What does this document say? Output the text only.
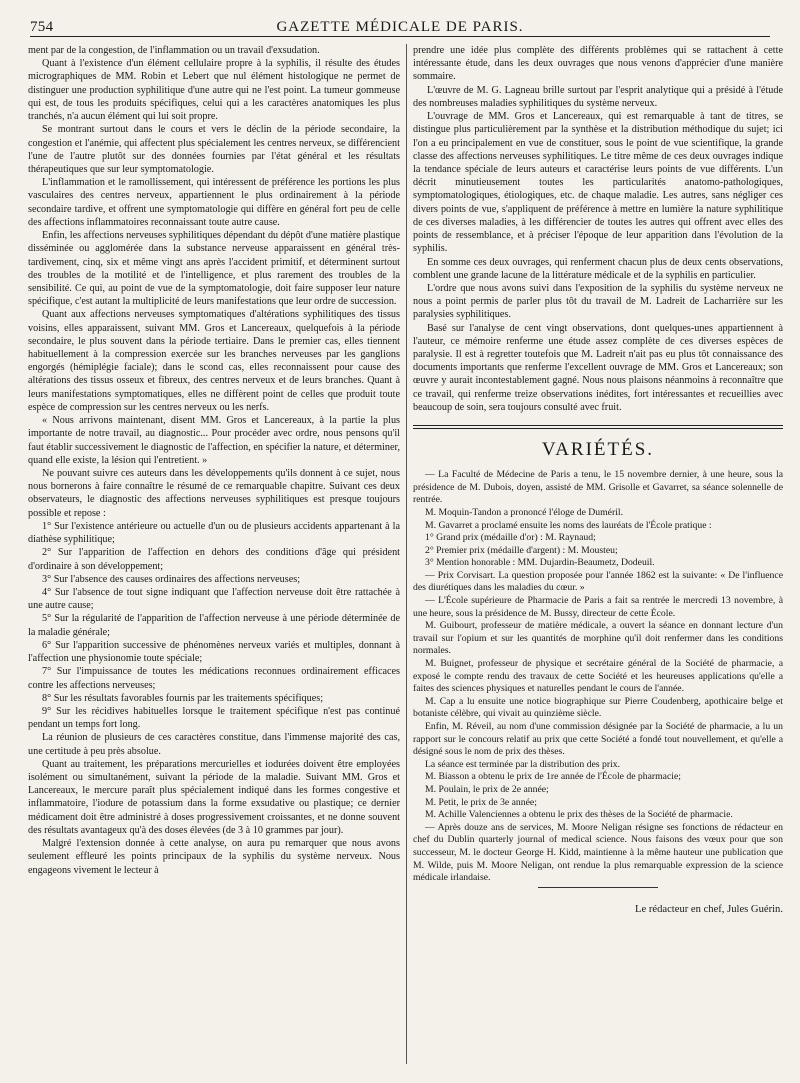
754	GAZETTE MÉDICALE DE PARIS.

ment par de la congestion, de l'inflammation ou un travail d'exsudation.

Quant à l'existence d'un élément cellulaire propre à la syphilis, il résulte des études micrographiques de MM. Robin et Lebert que nul élément histologique ne permet de distinguer une production syphilitique d'une autre qui ne l'est point. La tumeur gommeuse qui est, de tous les produits spécifiques, celui qui a les caractères anatomiques les plus tranchés, n'a aucun élément qui lui soit propre.

Se montrant surtout dans le cours et vers le déclin de la période secondaire, la congestion et l'anémie, qui affectent plus spécialement les centres nerveux, se différencient l'une de l'autre plutôt sur des données fournies par l'état général et les résultats thérapeutiques que sur leur symptomatologie.

L'inflammation et le ramollissement, qui intéressent de préférence les portions les plus vasculaires des centres nerveux, appartiennent le plus ordinairement à la période secondaire tardive, et offrent une symptomatologie qui diffère en général fort peu de celle des affections inflammatoires reconnaissant toute autre cause.

Enfin, les affections nerveuses syphilitiques dépendant du dépôt d'une matière plastique disséminée ou agglomérée dans la substance nerveuse apparaissent en général très-tardivement, cinq, six et même vingt ans après l'accident primitif, et déterminent surtout des troubles de la motilité et de l'intelligence, et plus rarement des troubles de la sensibilité. Ce qui, au point de vue de la symptomatologie, doit faire supposer leur nature spécifique, c'est autant la multiplicité de leurs manifestations que leur ordre de succession.

Quant aux affections nerveuses symptomatiques d'altérations syphilitiques des tissus voisins, elles apparaissent, suivant MM. Gros et Lancereaux, quelquefois à la période secondaire, le plus souvent dans la période tertiaire. Dans le premier cas, elles tiennent habituellement à la compression exercée sur les branches nerveuses par les ganglions engorgés (hémiplégie faciale); dans le scond cas, elles reconnaissent pour cause des altérations des tissus osseux et fibreux, des centres nerveux et de leurs branches. Quant à leurs manifestations symptomatiques, elles ne diffèrent point de celles que produit toute espèce de compression sur les centres nerveux ou les nerfs.

« Nous arrivons maintenant, disent MM. Gros et Lancereaux, à la partie la plus importante de notre travail, au diagnostic... Pour procéder avec ordre, nous pensons qu'il faut établir successivement le diagnostic de l'affection, en spécifier la nature, et déterminer, quand elle existe, la lésion qui l'entretient. »

Ne pouvant suivre ces auteurs dans les développements qu'ils donnent à ce sujet, nous nous bornerons à faire connaître le résumé de ce remarquable chapitre. Suivant ces deux observateurs, le diagnostic des affections nerveuses syphilitiques est presque toujours possible et repose :

1° Sur l'existence antérieure ou actuelle d'un ou de plusieurs accidents appartenant à la diathèse syphilitique;

2° Sur l'apparition de l'affection en dehors des conditions d'âge qui président d'ordinaire à son développement;

3° Sur l'absence des causes ordinaires des affections nerveuses;

4° Sur l'absence de tout signe indiquant que l'affection nerveuse doit être rattachée à une autre cause;

5° Sur la régularité de l'apparition de l'affection nerveuse à une période déterminée de la maladie générale;

6° Sur l'apparition successive de phénomènes nerveux variés et multiples, donnant à l'affection une physionomie toute spéciale;

7° Sur l'impuissance de toutes les médications reconnues ordinairement efficaces contre les affections nerveuses;

8° Sur les résultats favorables fournis par les traitements spécifiques;

9° Sur les récidives habituelles lorsque le traitement spécifique n'est pas continué pendant un temps fort long.

La réunion de plusieurs de ces caractères constitue, dans l'immense majorité des cas, une certitude à peu près absolue.

Quant au traitement, les préparations mercurielles et iodurées doivent être employées isolément ou simultanément, suivant la période de la maladie. Suivant MM. Gros et Lancereaux, le mercure paraît plus spécialement indiqué dans les formes congestive et inflammatoire, l'iodure de potassium dans la forme exsudative ou plastique; ce dernier médicament doit être administré à doses progressivement croissantes, et ne donne souvent des résultats avantageux qu'à des doses élevées (de 3 à 10 grammes par jour).

Malgré l'extension donnée à cette analyse, on aura pu remarquer que nous avons seulement effleuré les points principaux de la syphilis du système nerveux. Nous engageons vivement le lecteur à

prendre une idée plus complète des différents problèmes qui se rattachent à cette intéressante étude, dans les deux ouvrages que nous venons d'apprécier d'une manière sommaire.

L'œuvre de M. G. Lagneau brille surtout par l'esprit analytique qui a présidé à l'étude des nombreuses maladies syphilitiques du système nerveux.

L'ouvrage de MM. Gros et Lancereaux, qui est remarquable à tant de titres, se distingue plus particulièrement par la synthèse et la distribution méthodique du sujet; ici l'on a eu principalement en vue de constituer, sous le point de vue scientifique, la grande classe des affections nerveuses syphilitiques. Le titre même de ces deux ouvrages indique la tendance spéciale de leurs auteurs et caractérise leurs points de vue différents. L'un décrit minutieusement toutes les particularités anatomo-pathologiques, symptomatologiques, étiologiques, etc. de chaque maladie. Les autres, sans négliger ces divers points de vue, s'appliquent de préférence à mettre en lumière la nature syphilitique de ces diverses maladies, à les différencier de toutes les autres qui offrent avec elles des points de ressemblance, et à préciser l'époque de leur apparition dans l'évolution de la syphilis.

En somme ces deux ouvrages, qui renferment chacun plus de deux cents observations, comblent une grande lacune de la littérature médicale et de la syphilis en particulier.

L'ordre que nous avons suivi dans l'exposition de la syphilis du système nerveux ne nous a point permis de parler plus tôt du travail de M. Ladreit de Lacharrière sur les paralysies syphilitiques.

Basé sur l'analyse de cent vingt observations, dont quelques-unes appartiennent à l'auteur, ce mémoire renferme une étude assez complète de ces diverses espèces de paralysie. Il est à regretter toutefois que M. Ladreit n'ait pas eu plus tôt connaissance des documents importants que renferme l'excellent ouvrage de MM. Gros et Lancereaux; son œuvre y aurait incontestablement gagné. Nous nous plaisons néanmoins à reconnaître que ce travail, qui renferme treize observations inédites, fort intéressantes et recueillies avec beaucoup de soin, sera toujours consulté avec fruit.

VARIÉTÉS.

— La Faculté de Médecine de Paris a tenu, le 15 novembre dernier, à une heure, sous la présidence de M. Dubois, doyen, assisté de MM. Grisolle et Gavarret, sa séance solennelle de rentrée.

M. Moquin-Tandon a prononcé l'éloge de Duméril.

M. Gavarret a proclamé ensuite les noms des lauréats de l'École pratique :

1° Grand prix (médaille d'or) : M. Raynaud;

2° Premier prix (médaille d'argent) : M. Mousteu;

3° Mention honorable : MM. Dujardin-Beaumetz, Dodeuil.

— Prix Corvisart. La question proposée pour l'année 1862 est la suivante: « De l'influence des diurétiques dans les maladies du cœur. »

— L'École supérieure de Pharmacie de Paris a fait sa rentrée le mercredi 13 novembre, à une heure, sous la présidence de M. Bussy, directeur de cette École.

M. Guibourt, professeur de matière médicale, a ouvert la séance en donnant lecture d'un travail sur l'opium et sur les quantités de morphine qu'il doit renfermer dans les conditions normales.

M. Buignet, professeur de physique et secrétaire général de la Société de pharmacie, a exposé le compte rendu des travaux de cette Société et les heureuses applications qu'elle a faites des sciences physiques et naturelles pendant le cours de l'année.

M. Cap a lu ensuite une notice biographique sur Pierre Coudenberg, apothicaire belge et botaniste célèbre, qui vivait au quinzième siècle.

Enfin, M. Réveil, au nom d'une commission désignée par la Société de pharmacie, a lu un rapport sur le concours relatif au prix que cette Société a fondé tout nouvellement, et qu'elle a désigné sous le nom de prix des thèses.

La séance est terminée par la distribution des prix.

M. Biasson a obtenu le prix de 1re année de l'École de pharmacie;

M. Poulain, le prix de 2e année;

M. Petit, le prix de 3e année;

M. Achille Valenciennes a obtenu le prix des thèses de la Société de pharmacie.

— Après douze ans de services, M. Moore Neligan résigne ses fonctions de rédacteur en chef du Dublin quarterly journal of medical science. Nous faisons des vœux pour que son successeur, M. le docteur George H. Kidd, maintienne à la même hauteur une publication que M. Wilde, puis M. Moore Neligan, ont rendue la plus remarquable expression de la science médicale irlandaise.

Le rédacteur en chef, Jules Guérin.
